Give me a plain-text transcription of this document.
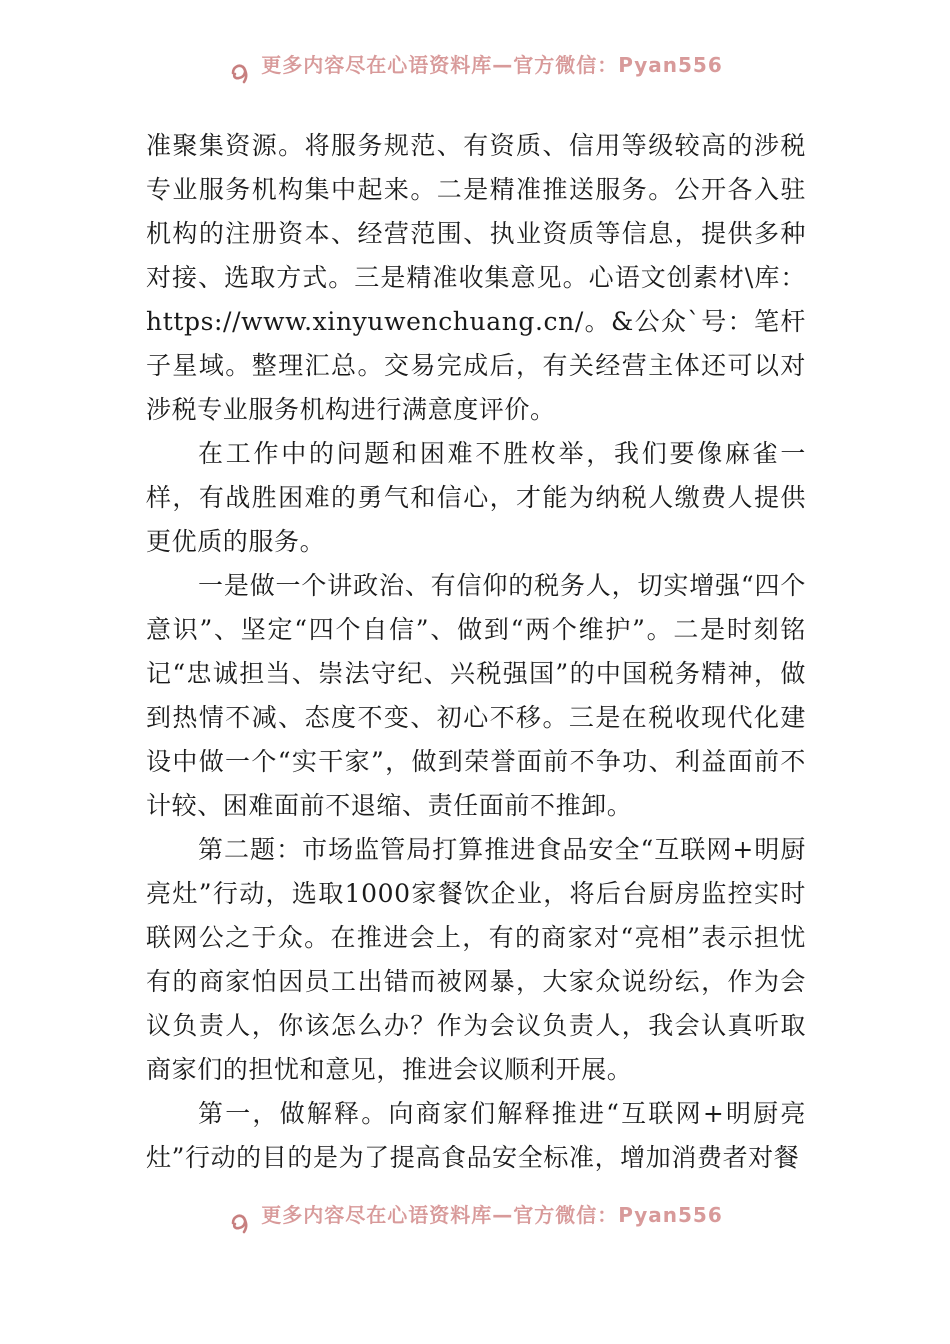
更多内容尽在心语资料库—官方微信：Pyan556

准聚集资源。将服务规范、有资质、信用等级较高的涉税专业服务机构集中起来。二是精准推送服务。公开各入驻机构的注册资本、经营范围、执业资质等信息，提供多种对接、选取方式。三是精准收集意见。心语文创素材\库：https://www.xinyuwenchuang.cn/。&公众`号：笔杆子星域。整理汇总。交易完成后，有关经营主体还可以对涉税专业服务机构进行满意度评价。

在工作中的问题和困难不胜枚举，我们要像麻雀一样，有战胜困难的勇气和信心，才能为纳税人缴费人提供更优质的服务。

一是做一个讲政治、有信仰的税务人，切实增强“四个意识”、坚定“四个自信”、做到“两个维护”。二是时刻铭记“忠诚担当、崇法守纪、兴税强国”的中国税务精神，做到热情不减、态度不变、初心不移。三是在税收现代化建设中做一个“实干家”，做到荣誉面前不争功、利益面前不计较、困难面前不退缩、责任面前不推卸。

第二题：市场监管局打算推进食品安全“互联网+明厨亮灶”行动，选取1000家餐饮企业，将后台厨房监控实时联网公之于众。在推进会上，有的商家对“亮相”表示担忧有的商家怕因员工出错而被网暴，大家众说纷纭，作为会议负责人，你该怎么办？作为会议负责人，我会认真听取商家们的担忧和意见，推进会议顺利开展。

第一，做解释。向商家们解释推进“互联网+明厨亮灶”行动的目的是为了提高食品安全标准，增加消费者对餐

更多内容尽在心语资料库—官方微信：Pyan556
